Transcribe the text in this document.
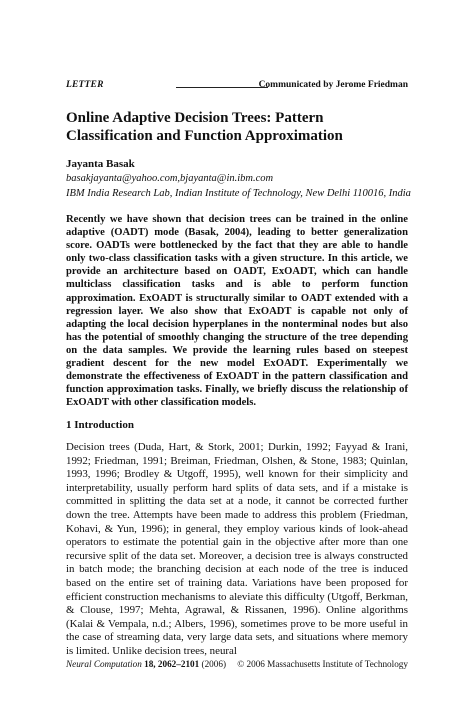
LETTER	Communicated by Jerome Friedman
Online Adaptive Decision Trees: Pattern Classification and Function Approximation
Jayanta Basak
basakjayanta@yahoo.com,bjayanta@in.ibm.com
IBM India Research Lab, Indian Institute of Technology, New Delhi 110016, India
Recently we have shown that decision trees can be trained in the online adaptive (OADT) mode (Basak, 2004), leading to better generalization score. OADTs were bottlenecked by the fact that they are able to handle only two-class classification tasks with a given structure. In this article, we provide an architecture based on OADT, ExOADT, which can handle multiclass classification tasks and is able to perform function approximation. ExOADT is structurally similar to OADT extended with a regression layer. We also show that ExOADT is capable not only of adapting the local decision hyperplanes in the nonterminal nodes but also has the potential of smoothly changing the structure of the tree depending on the data samples. We provide the learning rules based on steepest gradient descent for the new model ExOADT. Experimentally we demonstrate the effectiveness of ExOADT in the pattern classification and function approximation tasks. Finally, we briefly discuss the relationship of ExOADT with other classification models.
1 Introduction
Decision trees (Duda, Hart, & Stork, 2001; Durkin, 1992; Fayyad & Irani, 1992; Friedman, 1991; Breiman, Friedman, Olshen, & Stone, 1983; Quinlan, 1993, 1996; Brodley & Utgoff, 1995), well known for their simplicity and interpretability, usually perform hard splits of data sets, and if a mistake is committed in splitting the data set at a node, it cannot be corrected further down the tree. Attempts have been made to address this problem (Friedman, Kohavi, & Yun, 1996); in general, they employ various kinds of look-ahead operators to estimate the potential gain in the objective after more than one recursive split of the data set. Moreover, a decision tree is always constructed in batch mode; the branching decision at each node of the tree is induced based on the entire set of training data. Variations have been proposed for efficient construction mechanisms to aleviate this difficulty (Utgoff, Berkman, & Clouse, 1997; Mehta, Agrawal, & Rissanen, 1996). Online algorithms (Kalai & Vempala, n.d.; Albers, 1996), sometimes prove to be more useful in the case of streaming data, very large data sets, and situations where memory is limited. Unlike decision trees, neural
Neural Computation 18, 2062–2101 (2006) © 2006 Massachusetts Institute of Technology
